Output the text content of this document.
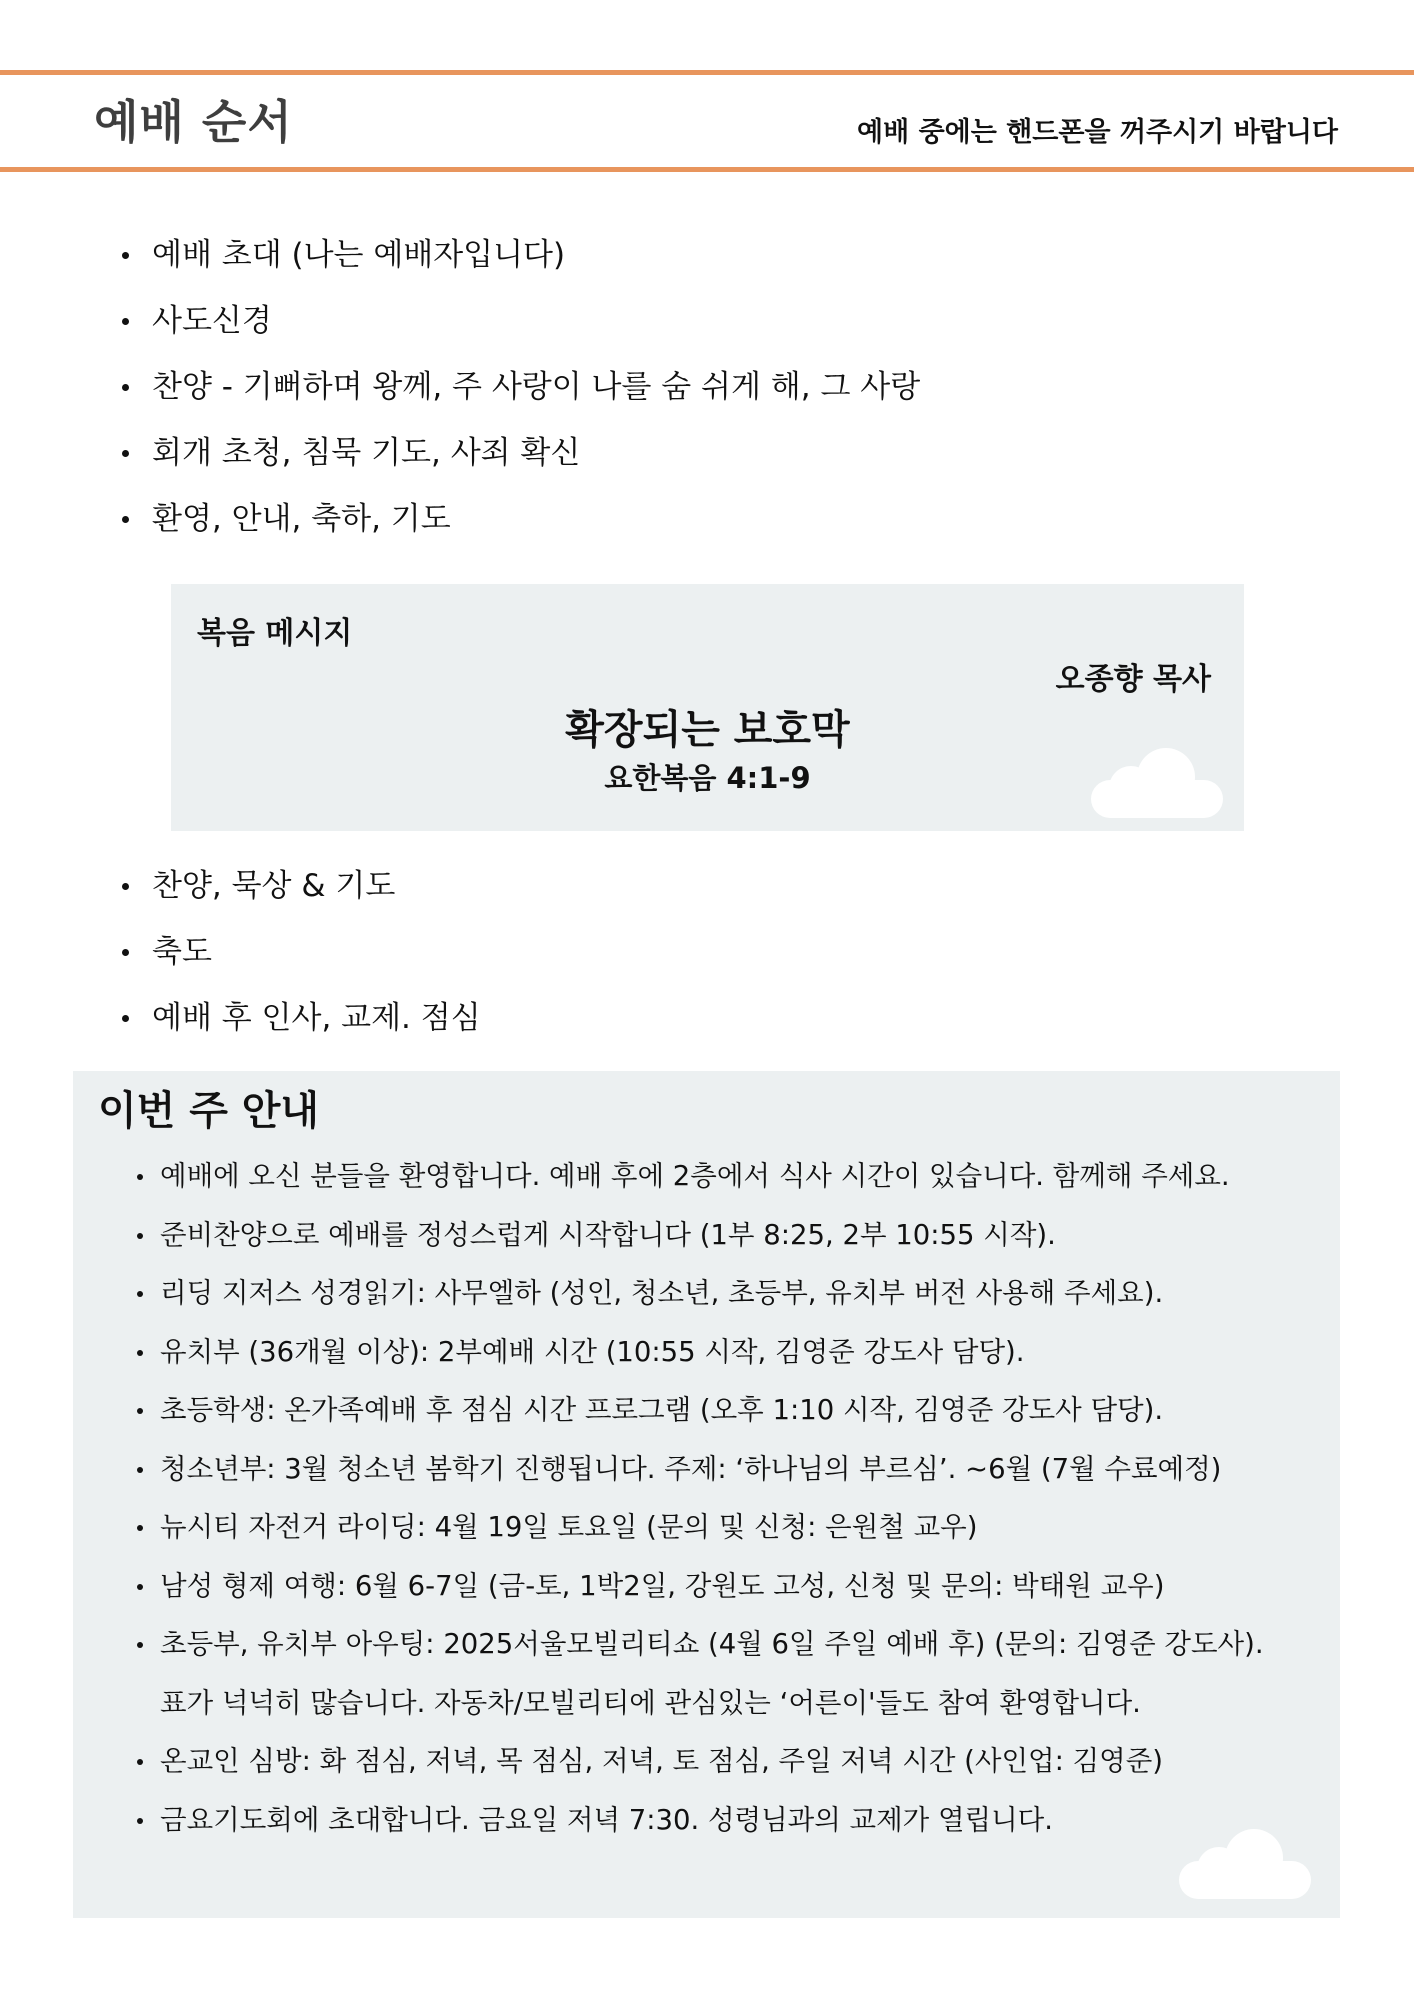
예배 순서	예배 중에는 핸드폰을 꺼주시기 바랍니다
예배 초대 (나는 예배자입니다)
사도신경
찬양 - 기뻐하며 왕께, 주 사랑이 나를 숨 쉬게 해, 그 사랑
회개 초청, 침묵 기도, 사죄 확신
환영, 안내, 축하, 기도
복음 메시지
오종향 목사
확장되는 보호막
요한복음 4:1-9
찬양, 묵상 & 기도
축도
예배 후 인사, 교제. 점심
이번 주 안내
예배에 오신 분들을 환영합니다. 예배 후에 2층에서 식사 시간이 있습니다. 함께해 주세요.
준비찬양으로 예배를 정성스럽게 시작합니다 (1부 8:25, 2부 10:55 시작).
리딩 지저스 성경읽기: 사무엘하 (성인, 청소년, 초등부, 유치부 버전 사용해 주세요).
유치부 (36개월 이상): 2부예배 시간 (10:55 시작, 김영준 강도사 담당).
초등학생: 온가족예배 후 점심 시간 프로그램 (오후 1:10 시작, 김영준 강도사 담당).
청소년부: 3월 청소년 봄학기 진행됩니다. 주제: ‘하나님의 부르심’. ~6월 (7월 수료예정)
뉴시티 자전거 라이딩: 4월 19일 토요일 (문의 및 신청: 은원철 교우)
남성 형제 여행: 6월 6-7일 (금-토, 1박2일, 강원도 고성, 신청 및 문의: 박태원 교우)
초등부, 유치부 아우팅: 2025서울모빌리티쇼 (4월 6일 주일 예배 후) (문의: 김영준 강도사).
표가 넉넉히 많습니다. 자동차/모빌리티에 관심있는 ‘어른이'들도 참여 환영합니다.
온교인 심방: 화 점심, 저녁, 목 점심, 저녁, 토 점심, 주일 저녁 시간 (사인업: 김영준)
금요기도회에 초대합니다. 금요일 저녁 7:30. 성령님과의 교제가 열립니다.
